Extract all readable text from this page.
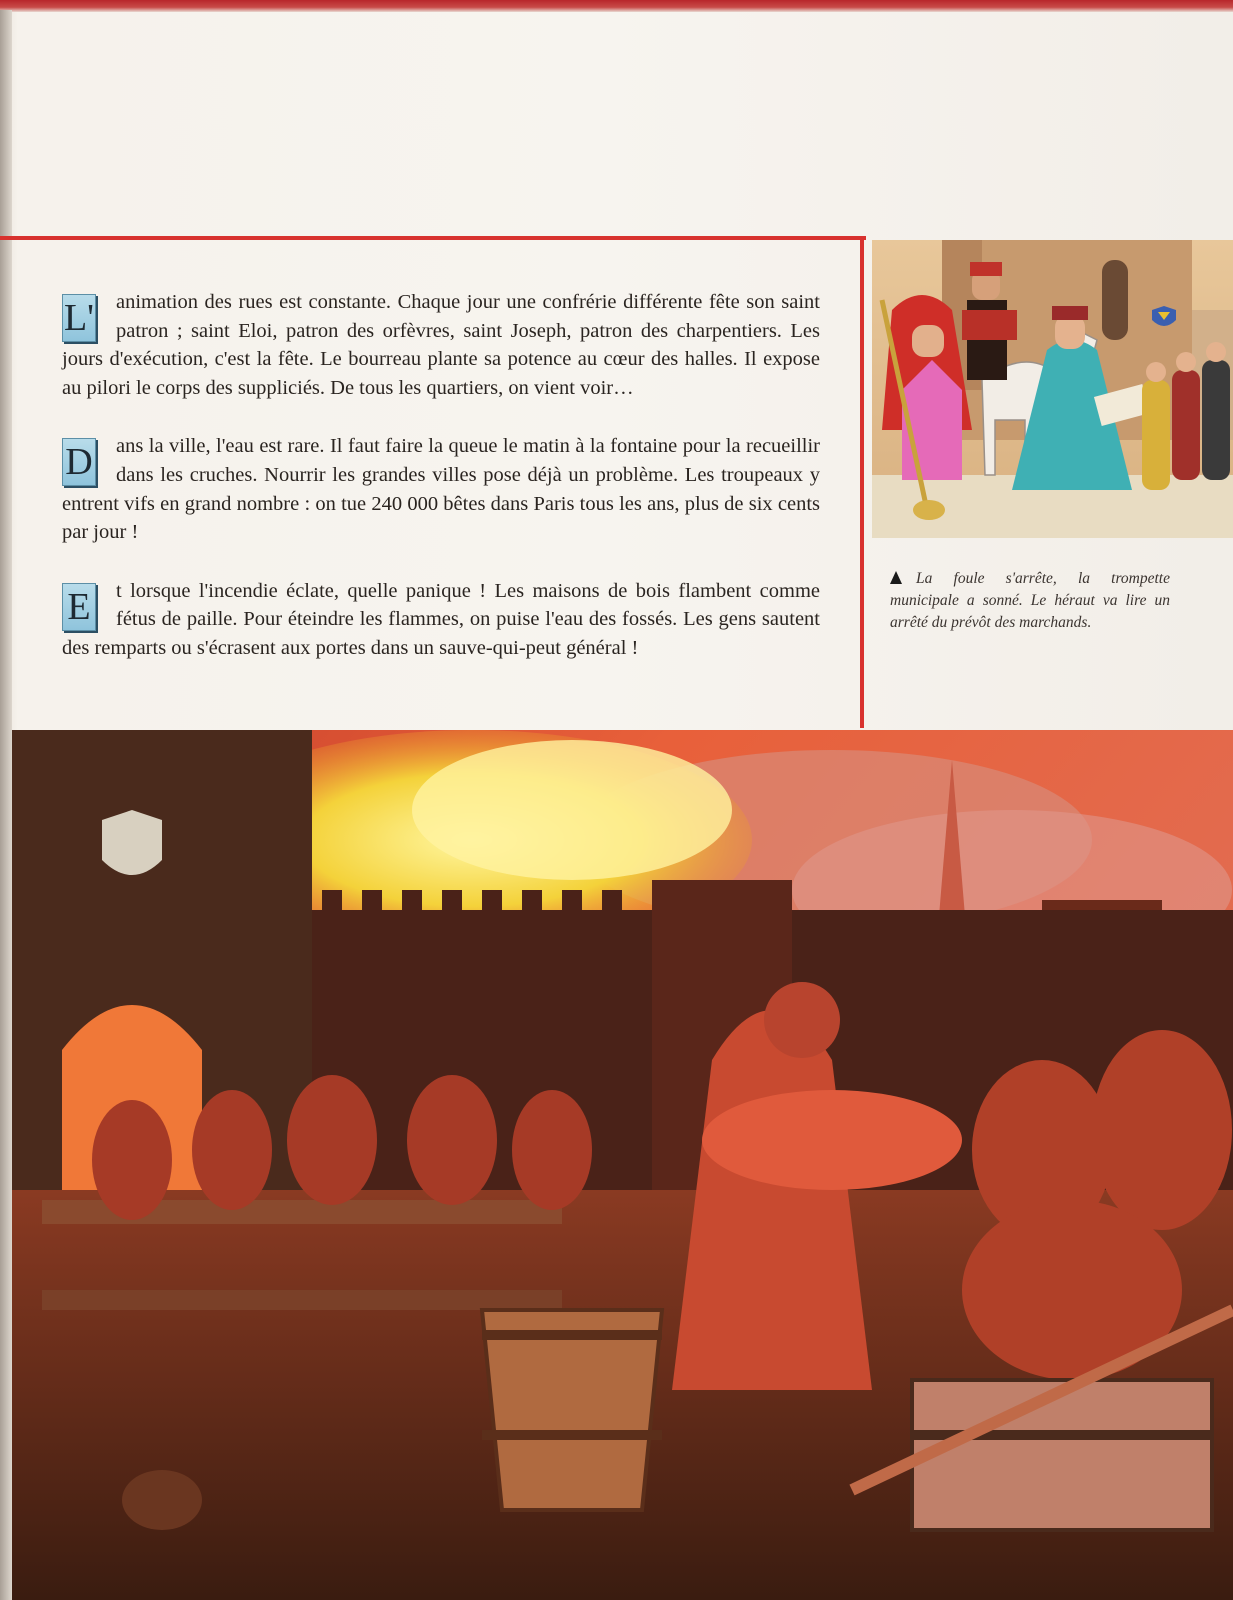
L'	animation des rues est constante. Chaque jour une confrérie différente fête son saint patron ; saint Eloi, patron des orfèvres, saint Joseph, patron des charpentiers. Les jours d'exécution, c'est la fête. Le bourreau plante sa potence au cœur des halles. Il expose au pilori le corps des suppliciés. De tous les quartiers, on vient voir…
D	ans la ville, l'eau est rare. Il faut faire la queue le matin à la fontaine pour la recueillir dans les cruches. Nourrir les grandes villes pose déjà un problème. Les troupeaux y entrent vifs en grand nombre : on tue 240 000 bêtes dans Paris tous les ans, plus de six cents par jour !
E	t lorsque l'incendie éclate, quelle panique ! Les maisons de bois flambent comme fétus de paille. Pour éteindre les flammes, on puise l'eau des fossés. Les gens sautent des remparts ou s'écrasent aux portes dans un sauve-qui-peut général !
La foule s'arrête, la trompette municipale a sonné. Le héraut va lire un arrêté du prévôt des marchands.
